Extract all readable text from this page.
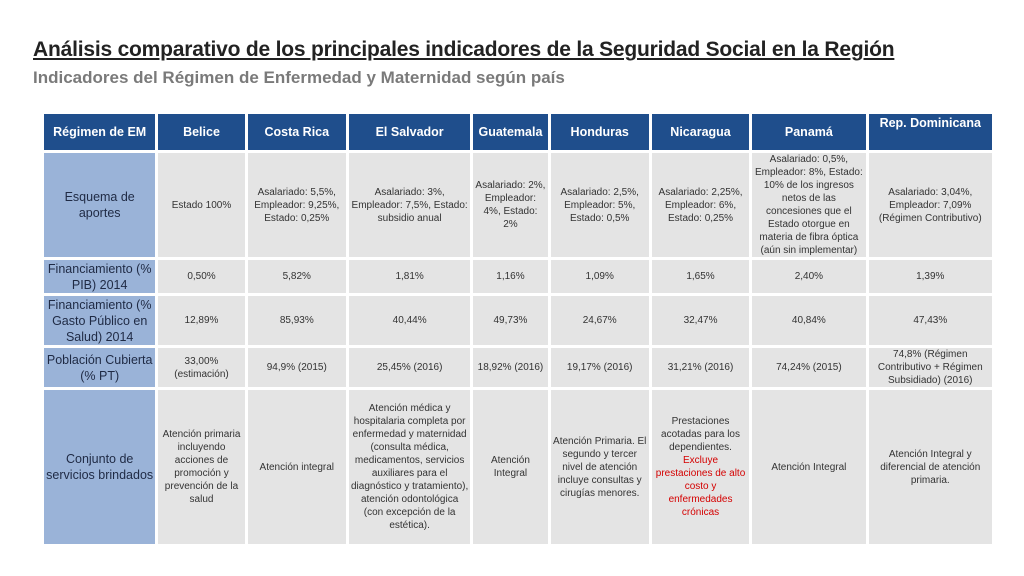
Análisis comparativo de los principales indicadores de la Seguridad Social en la Región
Indicadores del Régimen de Enfermedad y Maternidad según país
Régimen de EM	Belice	Costa Rica	El Salvador	Guatemala	Honduras	Nicaragua	Panamá	Rep. Dominicana
Esquema de aportes	Estado 100%	Asalariado: 5,5%, Empleador: 9,25%, Estado: 0,25%	Asalariado: 3%, Empleador: 7,5%, Estado: subsidio anual	Asalariado: 2%, Empleador: 4%, Estado: 2%	Asalariado: 2,5%, Empleador: 5%, Estado: 0,5%	Asalariado: 2,25%, Empleador: 6%, Estado: 0,25%	Asalariado: 0,5%, Empleador: 8%, Estado: 10% de los ingresos netos de las concesiones que el Estado otorgue en materia de fibra óptica (aún sin implementar)	Asalariado: 3,04%, Empleador: 7,09% (Régimen Contributivo)
Financiamiento (% PIB) 2014	0,50%	5,82%	1,81%	1,16%	1,09%	1,65%	2,40%	1,39%
Financiamiento (% Gasto Público en Salud) 2014	12,89%	85,93%	40,44%	49,73%	24,67%	32,47%	40,84%	47,43%
Población Cubierta (% PT)	33,00% (estimación)	94,9% (2015)	25,45% (2016)	18,92% (2016)	19,17% (2016)	31,21% (2016)	74,24% (2015)	74,8% (Régimen Contributivo + Régimen Subsidiado) (2016)
Conjunto de servicios brindados	Atención primaria incluyendo acciones de promoción y prevención de la salud	Atención integral	Atención médica y hospitalaria completa por enfermedad y maternidad (consulta médica, medicamentos, servicios auxiliares para el diagnóstico y tratamiento), atención odontológica (con excepción de la estética).	Atención Integral	Atención Primaria. El segundo y tercer nivel de atención incluye consultas y cirugías menores.	Prestaciones acotadas para los dependientes. Excluye prestaciones de alto costo y enfermedades crónicas	Atención Integral	Atención Integral y diferencial de atención primaria.
